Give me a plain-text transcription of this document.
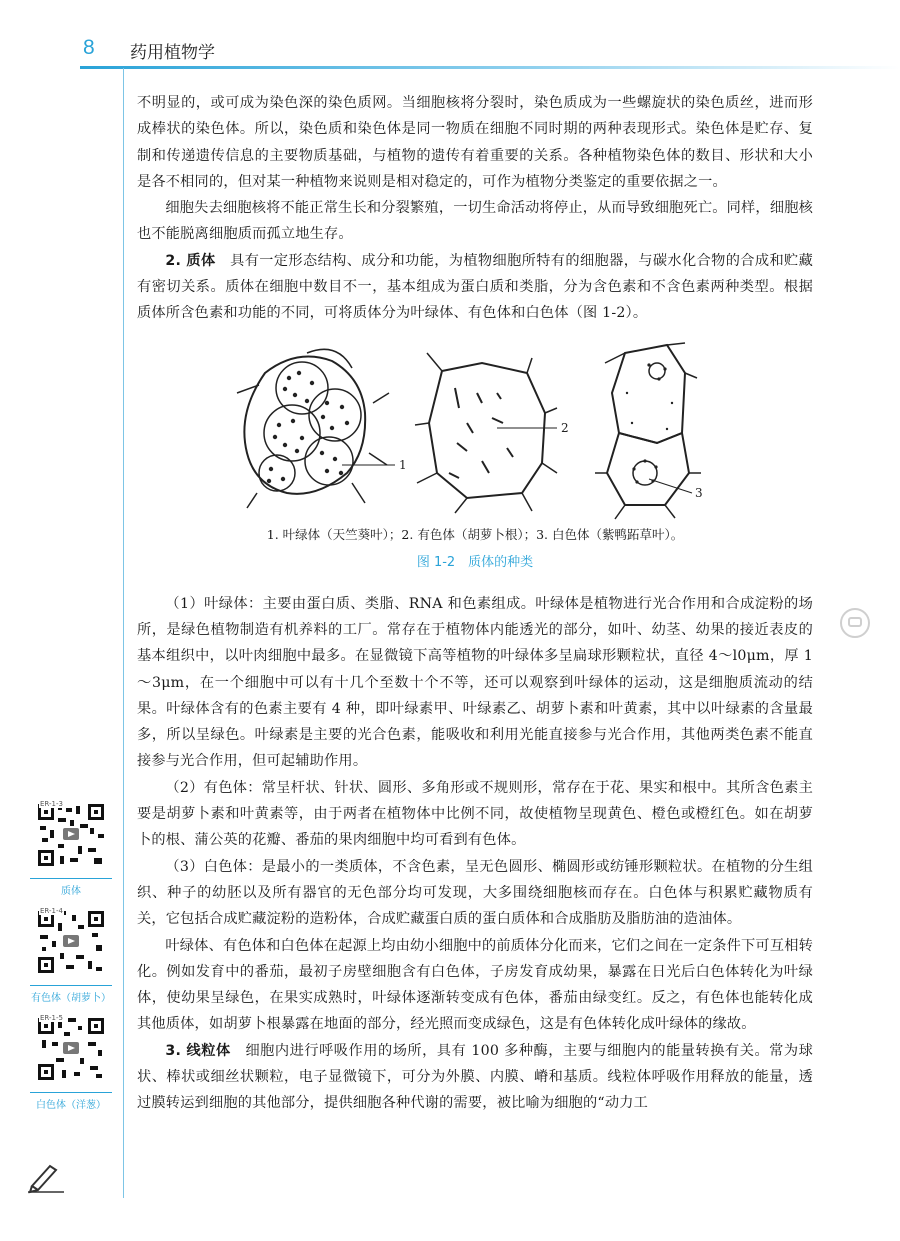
8 药用植物学

不明显的，或可成为染色深的染色质网。当细胞核将分裂时，染色质成为一些螺旋状的染色质丝，进而形成棒状的染色体。所以，染色质和染色体是同一物质在细胞不同时期的两种表现形式。染色体是贮存、复制和传递遗传信息的主要物质基础，与植物的遗传有着重要的关系。各种植物染色体的数目、形状和大小是各不相同的，但对某一种植物来说则是相对稳定的，可作为植物分类鉴定的重要依据之一。

细胞失去细胞核将不能正常生长和分裂繁殖，一切生命活动将停止，从而导致细胞死亡。同样，细胞核也不能脱离细胞质而孤立地生存。

2. 质体　 具有一定形态结构、成分和功能，为植物细胞所特有的细胞器，与碳水化合物的合成和贮藏有密切关系。质体在细胞中数目不一，基本组成为蛋白质和类脂，分为含色素和不含色素两种类型。根据质体所含色素和功能的不同，可将质体分为叶绿体、有色体和白色体（图 1-2）。

1
2
3
1. 叶绿体（天竺葵叶）；2. 有色体（胡萝卜根）；3. 白色体（紫鸭跖草叶）。
图 1-2　质体的种类

（1）叶绿体：主要由蛋白质、类脂、RNA 和色素组成。叶绿体是植物进行光合作用和合成淀粉的场所，是绿色植物制造有机养料的工厂。常存在于植物体内能透光的部分，如叶、幼茎、幼果的接近表皮的基本组织中，以叶肉细胞中最多。在显微镜下高等植物的叶绿体多呈扁球形颗粒状，直径 4～l0μm，厚 1～3μm，在一个细胞中可以有十几个至数十个不等，还可以观察到叶绿体的运动，这是细胞质流动的结果。叶绿体含有的色素主要有 4 种，即叶绿素甲、叶绿素乙、胡萝卜素和叶黄素，其中以叶绿素的含量最多，所以呈绿色。叶绿素是主要的光合色素，能吸收和利用光能直接参与光合作用，其他两类色素不能直接参与光合作用，但可起辅助作用。

（2）有色体：常呈杆状、针状、圆形、多角形或不规则形，常存在于花、果实和根中。其所含色素主要是胡萝卜素和叶黄素等，由于两者在植物体中比例不同，故使植物呈现黄色、橙色或橙红色。如在胡萝卜的根、蒲公英的花瓣、番茄的果肉细胞中均可看到有色体。

（3）白色体：是最小的一类质体，不含色素，呈无色圆形、椭圆形或纺锤形颗粒状。在植物的分生组织、种子的幼胚以及所有器官的无色部分均可发现，大多围绕细胞核而存在。白色体与积累贮藏物质有关，它包括合成贮藏淀粉的造粉体，合成贮藏蛋白质的蛋白质体和合成脂肪及脂肪油的造油体。

叶绿体、有色体和白色体在起源上均由幼小细胞中的前质体分化而来，它们之间在一定条件下可互相转化。例如发育中的番茄，最初子房壁细胞含有白色体，子房发育成幼果，暴露在日光后白色体转化为叶绿体，使幼果呈绿色，在果实成熟时，叶绿体逐渐转变成有色体，番茄由绿变红。反之，有色体也能转化成其他质体，如胡萝卜根暴露在地面的部分，经光照而变成绿色，这是有色体转化成叶绿体的缘故。

3. 线粒体　 细胞内进行呼吸作用的场所，具有 100 多种酶，主要与细胞内的能量转换有关。常为球状、棒状或细丝状颗粒，电子显微镜下，可分为外膜、内膜、嵴和基质。线粒体呼吸作用释放的能量，透过膜转运到细胞的其他部分，提供细胞各种代谢的需要，被比喻为细胞的“动力工

ER-1-3
质体
ER-1-4
有色体（胡萝卜）
ER-1-5
白色体（洋葱）
